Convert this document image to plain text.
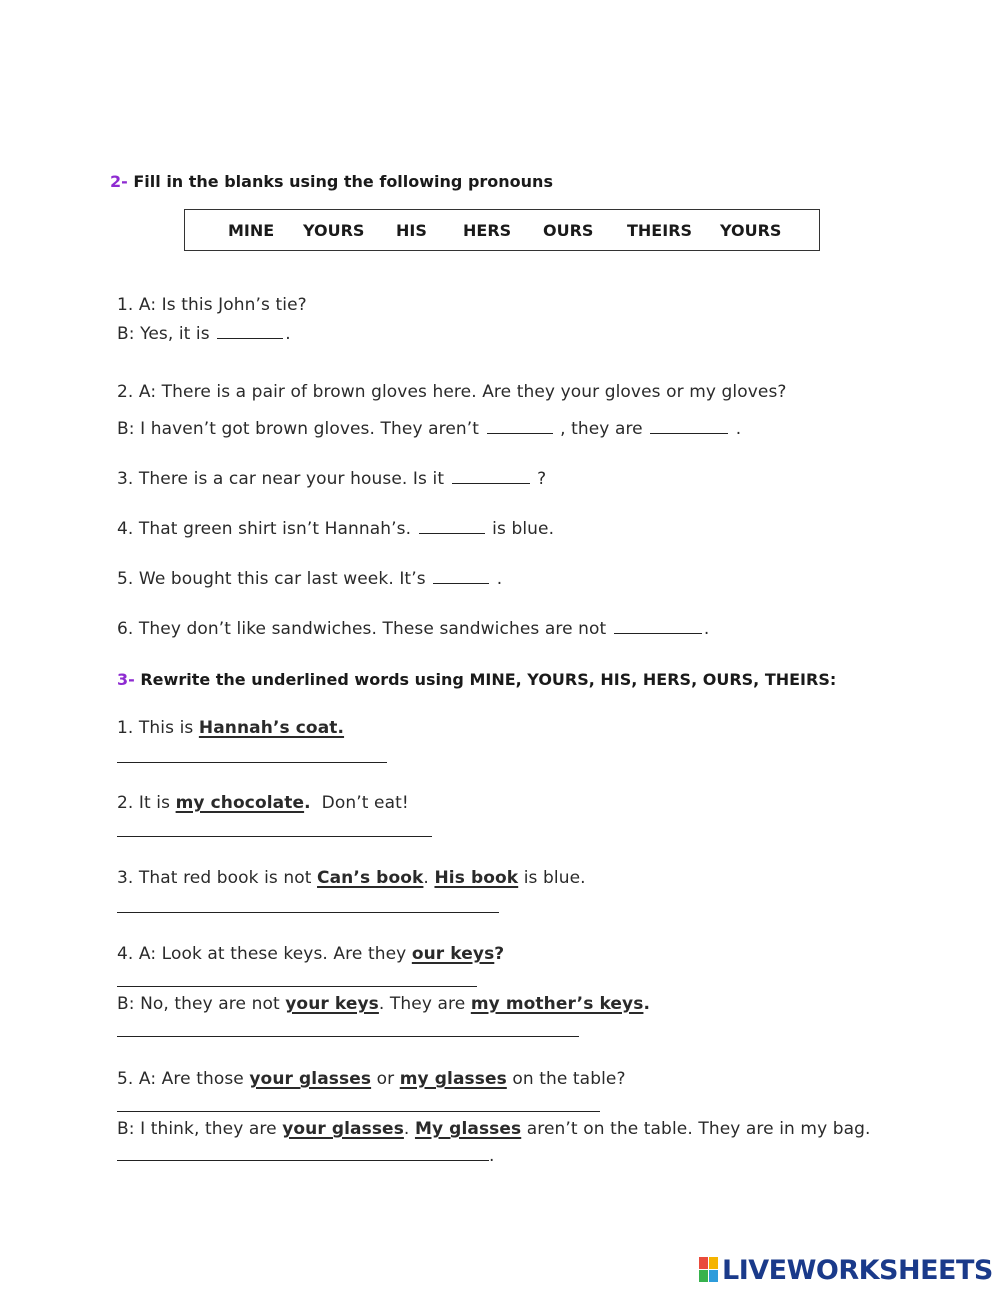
2- Fill in the blanks using the following pronouns
MINE YOURS HIS HERS OURS THEIRS YOURS
1. A: Is this John’s tie?
B: Yes, it is	.
2. A: There is a pair of brown gloves here. Are they your gloves or my gloves?
B: I haven’t got brown gloves. They aren’t	, they are	.
3. There is a car near your house. Is it	?
4. That green shirt isn’t Hannah’s.	is blue.
5. We bought this car last week. It’s	.
6. They don’t like sandwiches. These sandwiches are not	.
3- Rewrite the underlined words using MINE, YOURS, HIS, HERS, OURS, THEIRS:
1. This is Hannah’s coat.
2. It is my chocolate. Don’t eat!
3. That red book is not Can’s book. His book is blue.
4. A: Look at these keys. Are they our keys?
B: No, they are not your keys. They are my mother’s keys.
5. A: Are those your glasses or my glasses on the table?
B: I think, they are your glasses. My glasses aren’t on the table. They are in my bag.
.
LIVEWORKSHEETS
